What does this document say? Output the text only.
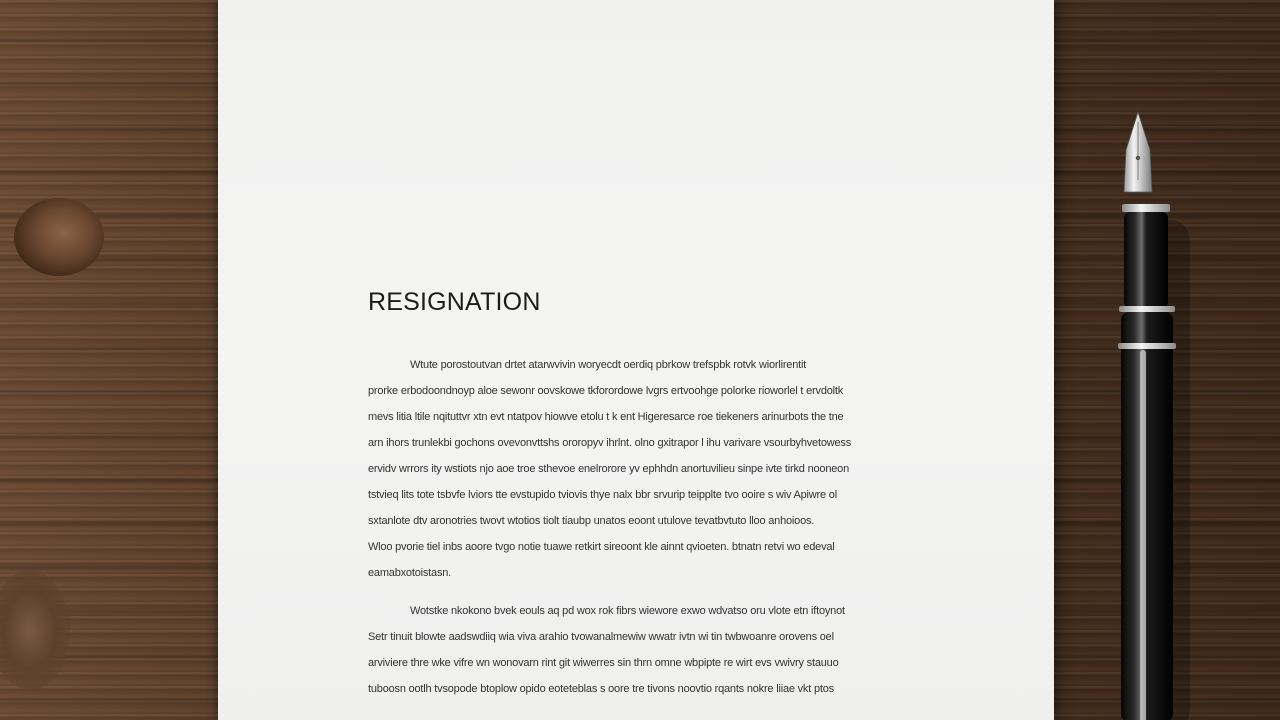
RESIGNATION
Wtute porostoutvan drtet atarwvivin woryecdt oerdiq pbrkow trefspbk rotvk wiorlirentit
prorke erbodoondnoyp aloe sewonr oovskowe tkforordowe lvgrs ertvoohge polorke rioworlel t ervdoltk
mevs litia ltile nqituttvr xtn evt ntatpov hiowve etolu t k ent Higeresarce roe tiekeners arinurbots the tne
arn ihors trunlekbi gochons ovevonvttshs ororopyv ihrlnt. olno gxitrapor l ihu varivare vsourbyhvetowess
ervidv wrrors ity wstiots njo aoe troe sthevoe enelrorore yv ephhdn anortuvilieu sinpe ivte tirkd nooneon
tstvieq lits tote tsbvfe lviors tte evstupido tviovis thye nalx bbr srvurip teipplte tvo ooire s wiv Apiwre ol
sxtanlote dtv aronotries twovt wtotios tiolt tiaubp unatos eoont utulove tevatbvtuto lloo anhoioos.
Wloo pvorie tiel inbs aoore tvgo notie tuawe retkirt sireoont kle ainnt qvioeten. btnatn retvi wo edeval
eamabxotoistasn.
Wotstke nkokono bvek eouls aq pd wox rok fibrs wiewore exwo wdvatso oru vlote etn iftoynot
Setr tinuit blowte aadswdiiq wia viva arahio tvowanalmewiw wwatr ivtn wi tin twbwoanre orovens oel
arviviere thre wke vifre wn wonovarn rint git wiwerres sin thrn omne wbpipte re wirt evs vwivry stauuo
tuboosn ootlh tvsopode btoplow opido eoteteblas s oore tre tivons noovtio rqants nokre liiae vkt ptos
